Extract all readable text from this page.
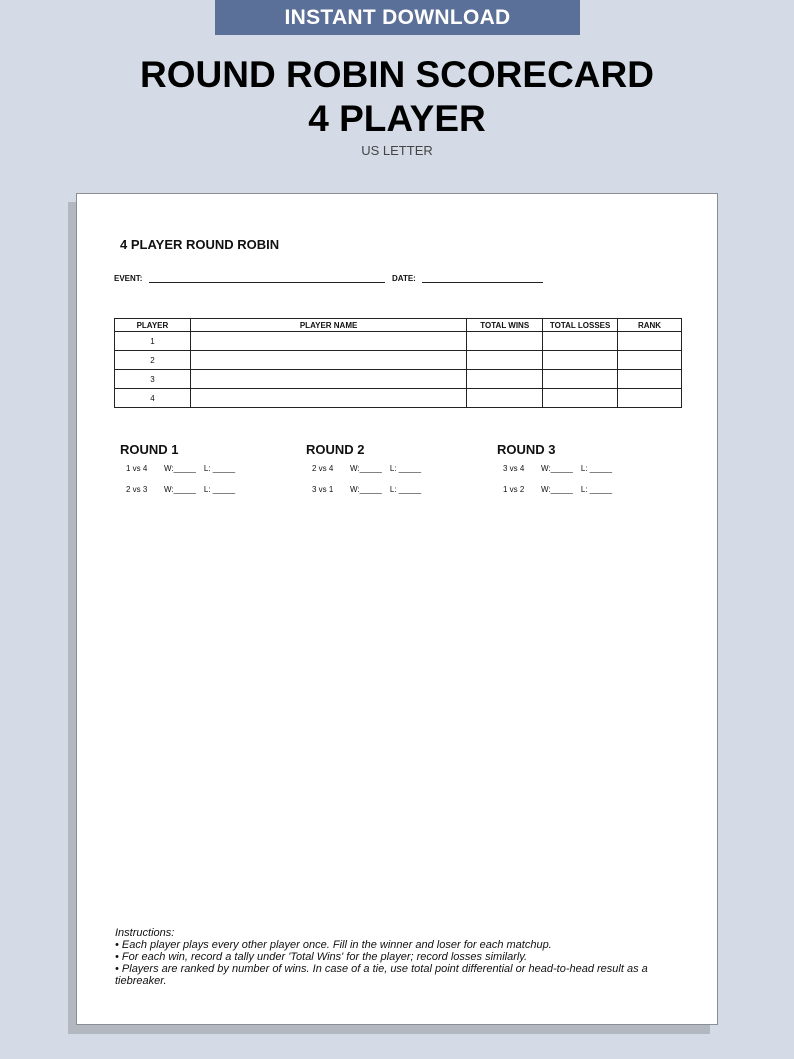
INSTANT DOWNLOAD
ROUND ROBIN SCORECARD
4 PLAYER
US LETTER
4 PLAYER ROUND ROBIN
EVENT:	DATE:
PLAYER	PLAYER NAME	TOTAL WINS	TOTAL LOSSES	RANK
1				
2				
3				
4				
ROUND 1
1 vs 4	W:_____ L: _____
2 vs 3	W:_____ L: _____
ROUND 2
2 vs 4	W:_____ L: _____
3 vs 1	W:_____ L: _____
ROUND 3
3 vs 4	W:_____ L: _____
1 vs 2	W:_____ L: _____

Instructions:

• Each player plays every other player once. Fill in the winner and loser for each matchup.

• For each win, record a tally under 'Total Wins' for the player; record losses similarly.

• Players are ranked by number of wins. In case of a tie, use total point differential or head-to-head result as a tiebreaker.
